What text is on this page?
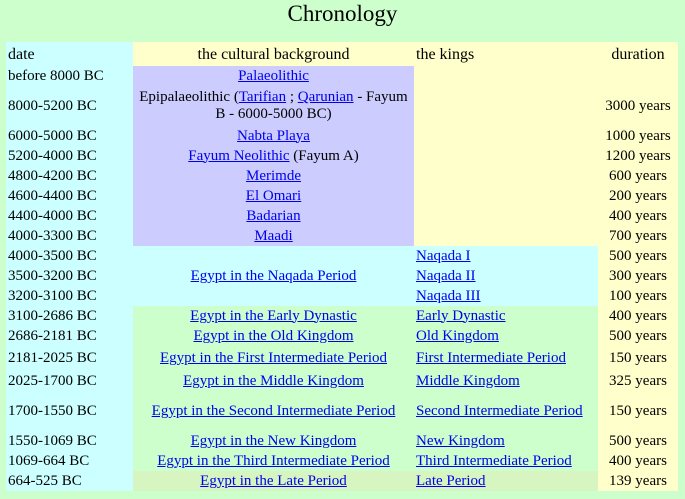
Chronology
date	the cultural background	the kings	duration
before 8000 BC	Palaeolithic		
8000-5200 BC	Epipalaeolithic (Tarifian ; Qarunian - Fayum B - 6000-5000 BC)		3000 years
6000-5000 BC	Nabta Playa		1000 years
5200-4000 BC	Fayum Neolithic (Fayum A)		1200 years
4800-4200 BC	Merimde		600 years
4600-4400 BC	El Omari		200 years
4400-4000 BC	Badarian		400 years
4000-3300 BC	Maadi		700 years
4000-3500 BC	Egypt in the Naqada Period	Naqada I	500 years
3500-3200 BC		Naqada II	300 years
3200-3100 BC		Naqada III	100 years
3100-2686 BC	Egypt in the Early Dynastic	Early Dynastic	400 years
2686-2181 BC	Egypt in the Old Kingdom	Old Kingdom	500 years
2181-2025 BC	Egypt in the First Intermediate Period	First Intermediate Period	150 years
2025-1700 BC	Egypt in the Middle Kingdom	Middle Kingdom	325 years
1700-1550 BC	Egypt in the Second Intermediate Period	Second Intermediate Period	150 years
1550-1069 BC	Egypt in the New Kingdom	New Kingdom	500 years
1069-664 BC	Egypt in the Third Intermediate Period	Third Intermediate Period	400 years
664-525 BC	Egypt in the Late Period	Late Period	139 years
